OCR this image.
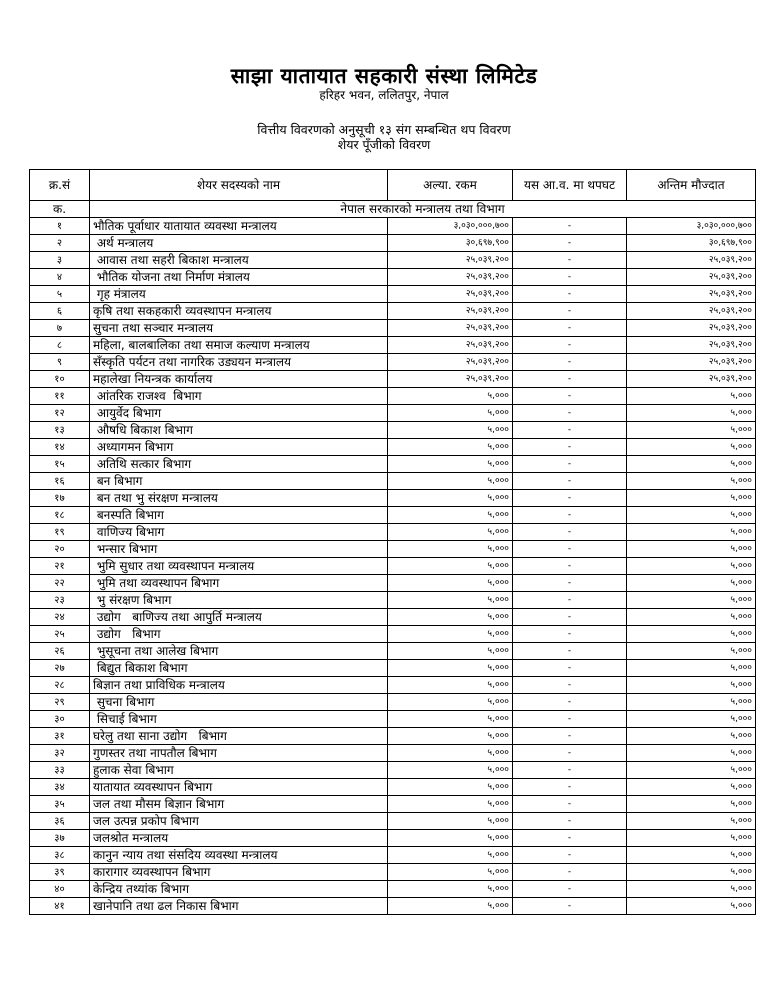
साझा यातायात सहकारी संस्था लिमिटेड
हरिहर भवन, ललितपुर, नेपाल
वित्तीय विवरणको अनुसूची १३ संग सम्बन्धित थप विवरण
शेयर पूँजीको विवरण
क्र.सं	शेयर सदस्यको नाम	अल्या. रकम	यस आ.व. मा थपघट	अन्तिम मौज्दात
क.	नेपाल सरकारको मन्त्रालय तथा विभाग			
१	भौतिक पूर्वाधार यातायात व्यवस्था मन्त्रालय	३,०३०,०००,७००	-	३,०३०,०००,७००
२	अर्थ मन्त्रालय	३०,६९७,९००	-	३०,६९७,९००
३	आवास तथा सहरी बिकाश मन्त्रालय	२५,०३९,२००	-	२५,०३९,२००
४	भौतिक योजना तथा निर्माण मंत्रालय	२५,०३९,२००	-	२५,०३९,२००
५	गृह मंत्रालय	२५,०३९,२००	-	२५,०३९,२००
६	कृषि तथा सकहकारी व्यवस्थापन मन्त्रालय	२५,०३९,२००	-	२५,०३९,२००
७	सुचना तथा सञ्चार मन्त्रालय	२५,०३९,२००	-	२५,०३९,२००
८	महिला, बालबालिका तथा समाज कल्याण मन्त्रालय	२५,०३९,२००	-	२५,०३९,२००
९	सँस्कृति पर्यटन तथा नागरिक उड्ययन मन्त्रालय	२५,०३९,२००	-	२५,०३९,२००
१०	महालेखा नियन्त्रक कार्यालय	२५,०३९,२००	-	२५,०३९,२००
११	आंतरिक राजश्व  बिभाग	५,०००	-	५,०००
१२	आयुर्वेद बिभाग	५,०००	-	५,०००
१३	औषधि बिकाश बिभाग	५,०००	-	५,०००
१४	अध्यागमन बिभाग	५,०००	-	५,०००
१५	अतिथि सत्कार बिभाग	५,०००	-	५,०००
१६	बन बिभाग	५,०००	-	५,०००
१७	बन तथा भु संरक्षण मन्त्रालय	५,०००	-	५,०००
१८	बनस्पति बिभाग	५,०००	-	५,०००
१९	वाणिज्य बिभाग	५,०००	-	५,०००
२०	भन्सार बिभाग	५,०००	-	५,०००
२१	भुमि सुधार तथा व्यवस्थापन मन्त्रालय	५,०००	-	५,०००
२२	भुमि तथा व्यवस्थापन बिभाग	५,०००	-	५,०००
२३	भु संरक्षण बिभाग	५,०००	-	५,०००
२४	उद्योग   बाणिज्य तथा आपुर्ति मन्त्रालय	५,०००	-	५,०००
२५	उद्योग   बिभाग	५,०००	-	५,०००
२६	भुसूचना तथा आलेख बिभाग	५,०००	-	५,०००
२७	बिद्युत बिकाश बिभाग	५,०००	-	५,०००
२८	बिज्ञान तथा प्राविधिक मन्त्रालय	५,०००	-	५,०००
२९	सुचना बिभाग	५,०००	-	५,०००
३०	सिचाई बिभाग	५,०००	-	५,०००
३१	घरेलु तथा साना उद्योग   बिभाग	५,०००	-	५,०००
३२	गुणस्तर तथा नापतौल बिभाग	५,०००	-	५,०००
३३	हुलाक सेवा बिभाग	५,०००	-	५,०००
३४	यातायात व्यवस्थापन बिभाग	५,०००	-	५,०००
३५	जल तथा मौसम बिज्ञान बिभाग	५,०००	-	५,०००
३६	जल उत्पन्न प्रकोप बिभाग	५,०००	-	५,०००
३७	जलश्रोत मन्त्रालय	५,०००	-	५,०००
३८	कानुन न्याय तथा संसदिय व्यवस्था मन्त्रालय	५,०००	-	५,०००
३९	कारागार व्यवस्थापन बिभाग	५,०००	-	५,०००
४०	केन्द्रिय तथ्यांक बिभाग	५,०००	-	५,०००
४१	खानेपानि तथा ढल निकास बिभाग	५,०००	-	५,०००
